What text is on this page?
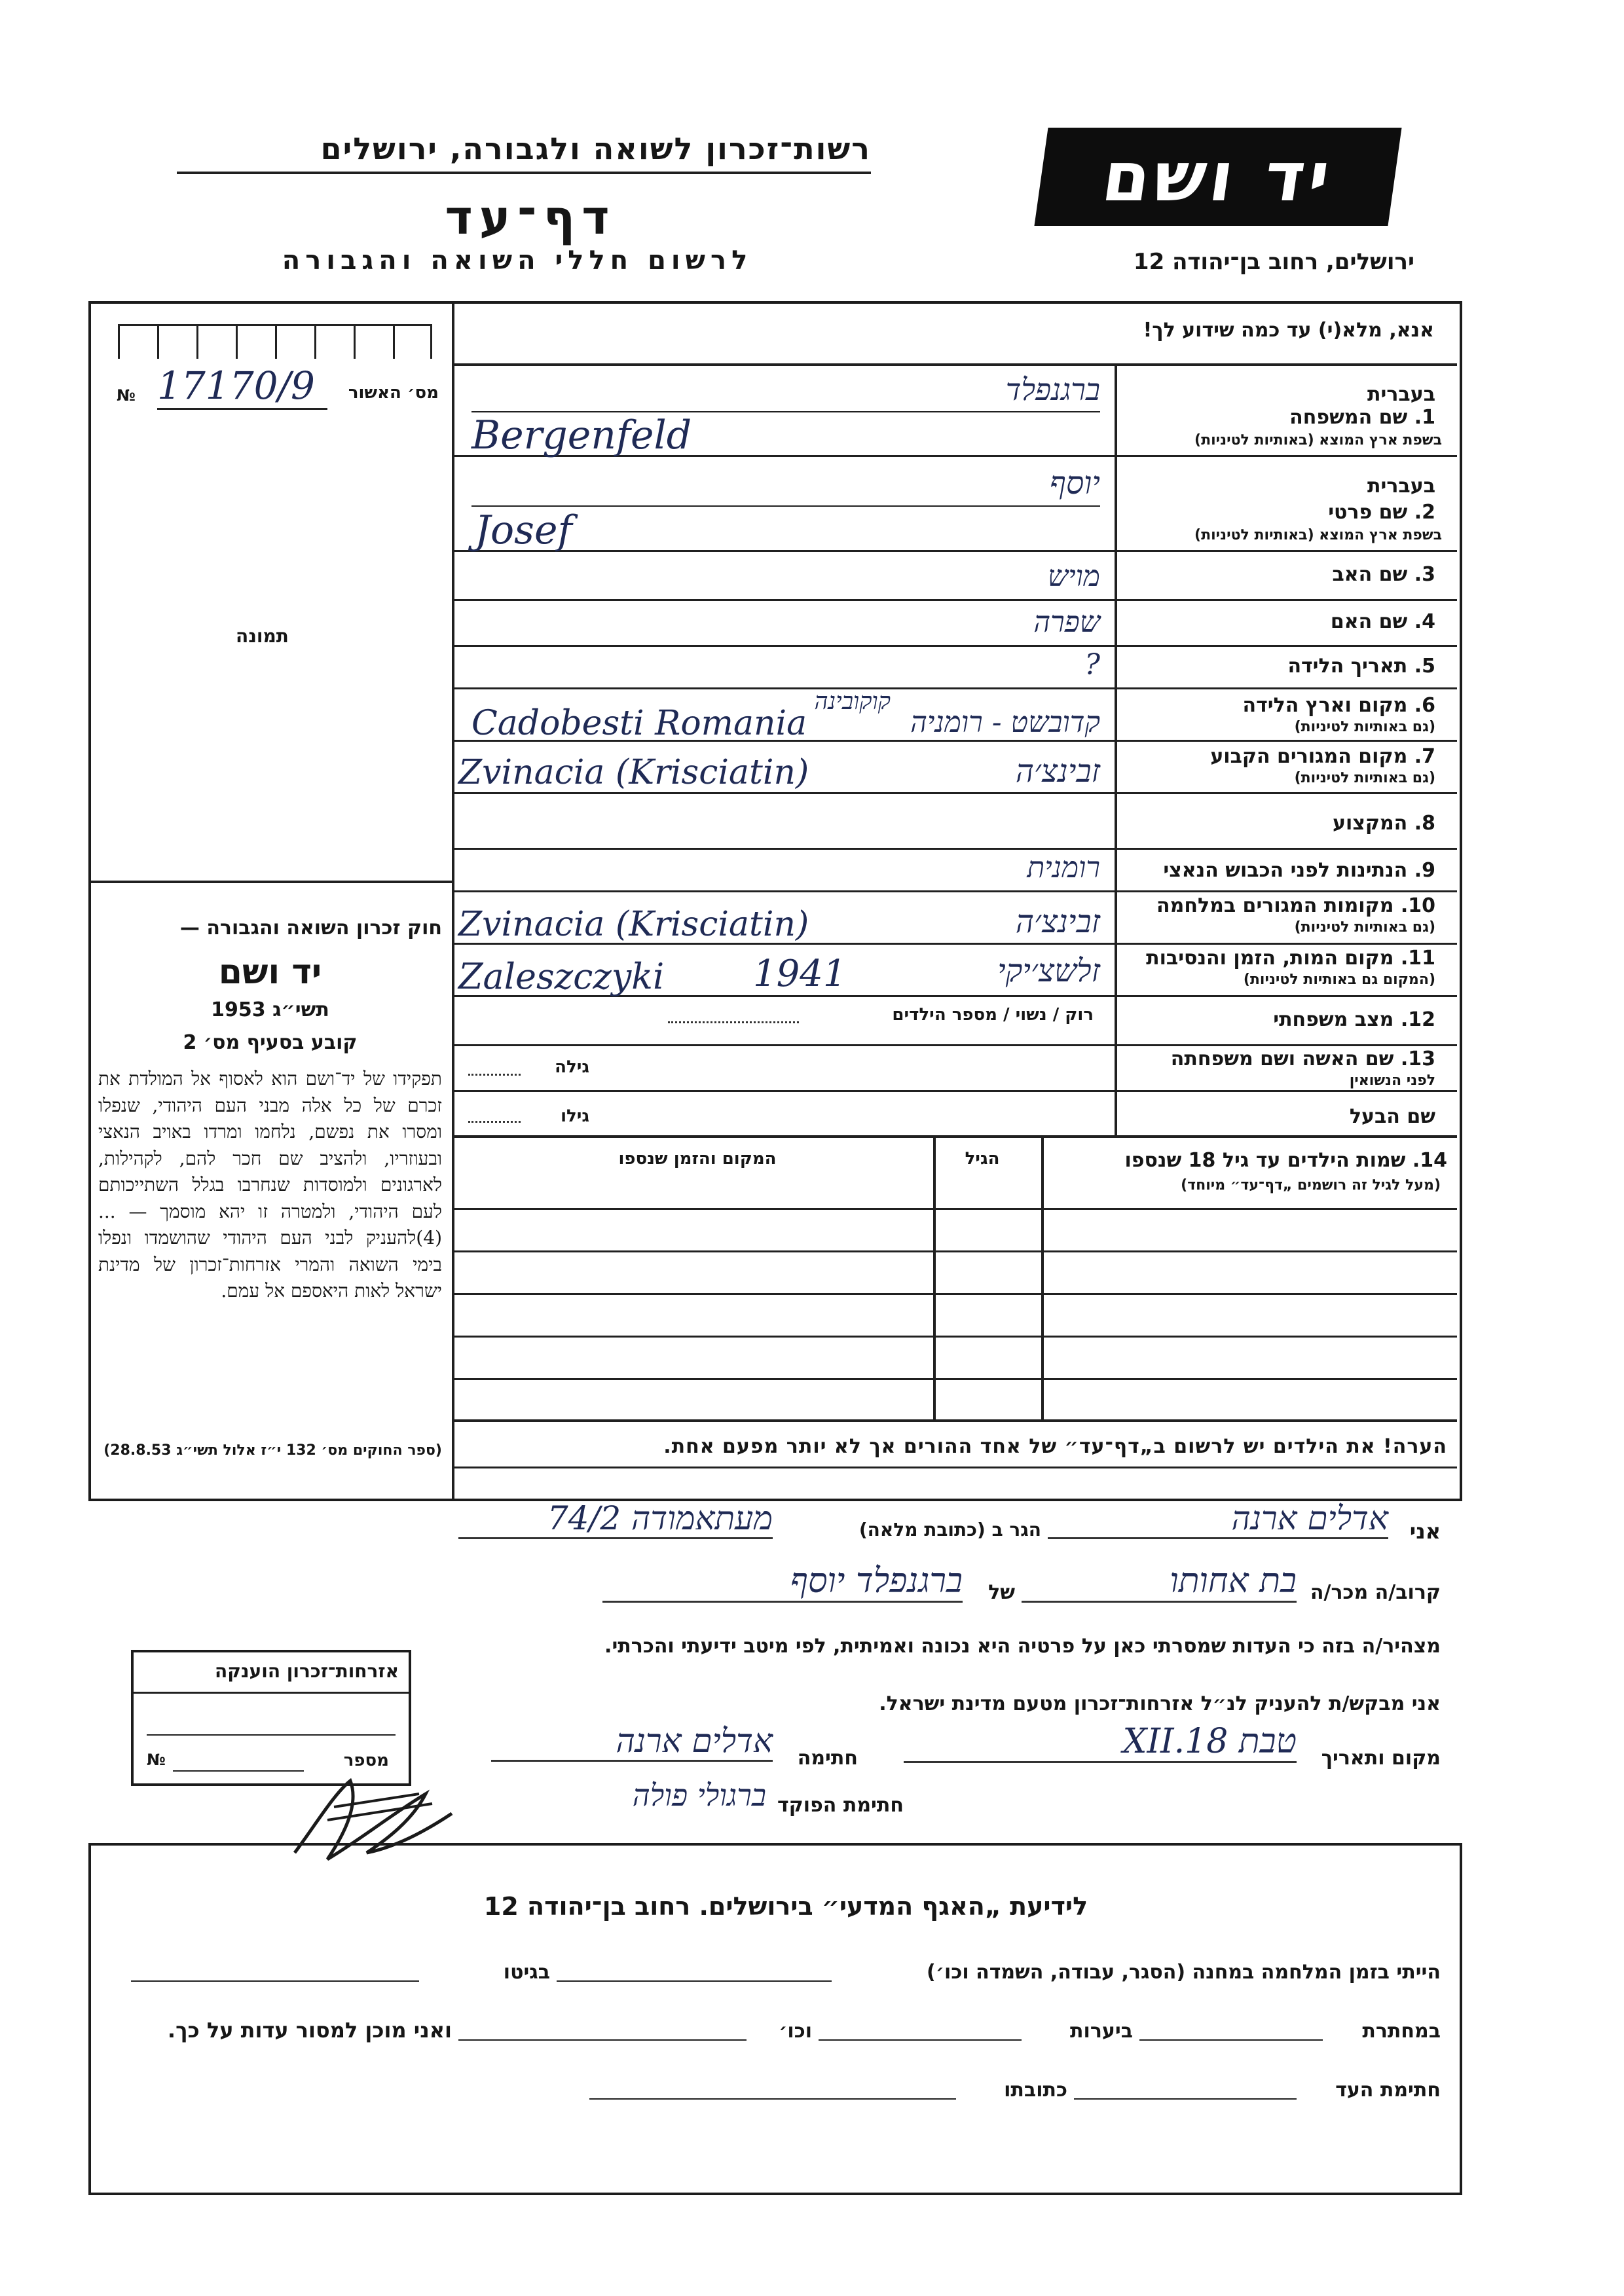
רשות־זכרון לשואה ולגבורה, ירושלים
דף־עד
לרשום חללי השואה והגבורה
יד ושם
ירושלים, רחוב בן־יהודה 12
№ 17170/9	מס׳ האשור
תמונה
חוק זכרון השואה והגבורה —
יד ושם
תשי״ג 1953
קובע בסעיף מס׳ 2
תפקידו של יד־ושם הוא לאסוף אל המולדת את זכרם של כל אלה מבני העם היהודי, שנפלו ומסרו את נפשם, נלחמו ומרדו באויב הנאצי ובעוזריו, ולהציב שם חכר להם, לקהילות, לארגונים ולמוסדות שנחרבו בגלל השתייכותם לעם היהודי, ולמטרה זו יהא מוסמך — ...(4)להעניק לבני העם היהודי שהושמדו ונפלו בימי השואה והמרי אזרחות־זכרון של מדינת ישראל לאות היאספם אל עמם.
(ספר החוקים מס׳ 132 י״ז אלול תשי״ג 28.8.53)
אנא, מלא(י) עד כמה שידוע לך!
1. שם המשפחה
בשפת ארץ המוצא (באותיות לטיניות)
בעברית
ברגנפלד
Bergenfeld
בעברית
2. שם פרטי
בשפת ארץ המוצא (באותיות לטיניות)
יוסף
Josef
3. שם האב
מויש
4. שם האם
שפרה
5. תאריך הלידה
?
6. מקום וארץ הלידה
(גם באותיות לטיניות)
קוקובינה
קדובשט - רומניה
Cadobesti Romania
7. מקום המגורים הקבוע
(גם באותיות לטיניות)
זבינצ׳ה
Zvinacia (Krisciatin)
8. המקצוע
9. הנתינות לפני הכבוש הנאצי
רומנית
10. מקומות המגורים במלחמה
(גם באותיות לטיניות)
זבינצ׳ה
Zvinacia (Krisciatin)
11. מקום המות, הזמן והנסיבות
(המקום גם באותיות לטיניות)
זלשצ׳יקי
Zaleszczyki	1941
12. מצב משפחתי
רוק / נשוי / מספר הילדים
13. שם האשה ושם משפחתה
לפני הנשואין
גילה
שם הבעל
גילו
14. שמות הילדים עד גיל 18 שנספו
(מעל לגיל זה רושמים „דף־עד״ מיוחד)
הגיל
המקום והזמן שנספו
הערה! את הילדים יש לרשום ב„דף־עד״ של אחד ההורים אך לא יותר מפעם אחת.
אני
אדלים ארנה
הגר ב (כתובת מלאה)
מעתאמודה 74/2
קרוב/ה מכר/ה
בת אחותו
של
ברגנפלד יוסף
מצהיר/ה בזה כי העדות שמסרתי כאן על פרטיה היא נכונה ואמיתית, לפי מיטב ידיעתי והכרתי.
אני מבקש/ת להעניק לנ״ל אזרחות־זכרון מטעם מדינת ישראל.
מקום ותאריך
טבת 18.XII
חתימה
אדלים ארנה
חתימת הפוקד
ברגולי פולה
אזרחות־זכרון הוענקה
מספר
№
לידיעת „האגף המדעי״ בירושלים. רחוב בן־יהודה 12
הייתי בזמן המלחמה במחנה (הסגר, עבודה, השמדה וכו׳)
בגיטו
במחתרת
ביערות
וכו׳
ואני מוכן למסור עדות על כך.
חתימת העד
כתובתו
